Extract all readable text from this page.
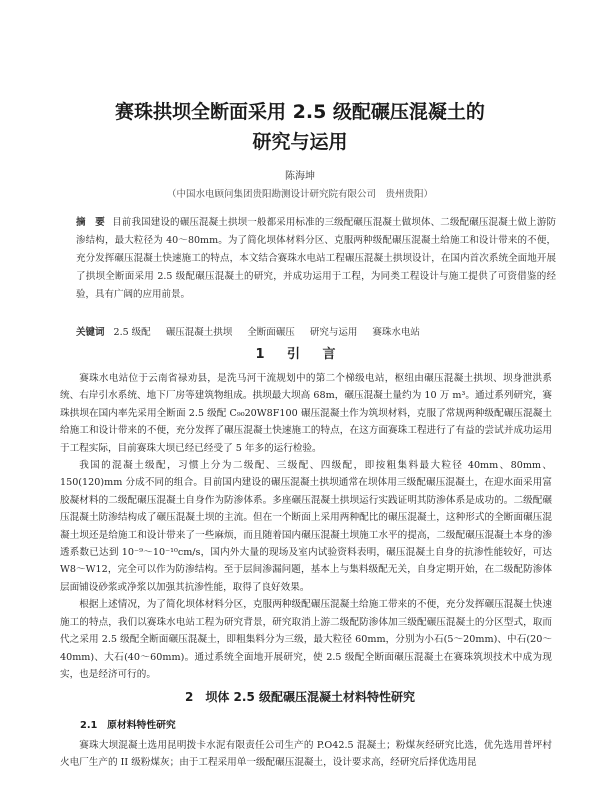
赛珠拱坝全断面采用 2.5 级配碾压混凝土的
研究与运用
陈海坤
（中国水电顾问集团贵阳勘测设计研究院有限公司　贵州贵阳）

摘　要 目前我国建设的碾压混凝土拱坝一般都采用标准的三级配碾压混凝土做坝体、二级配碾压混凝土做上游防渗结构，最大粒径为 40～80mm。为了简化坝体材料分区、克服两种级配碾压混凝土给施工和设计带来的不便，充分发挥碾压混凝土快速施工的特点，本文结合赛珠水电站工程碾压混凝土拱坝设计，在国内首次系统全面地开展了拱坝全断面采用 2.5 级配碾压混凝土的研究，并成功运用于工程，为同类工程设计与施工提供了可资借鉴的经验，具有广阔的应用前景。

关键词 2.5 级配 碾压混凝土拱坝 全断面碾压 研究与运用 赛珠水电站

1 引 言

赛珠水电站位于云南省禄劝县，是洗马河干流规划中的第二个梯级电站，枢纽由碾压混凝土拱坝、坝身泄洪系统、右岸引水系统、地下厂房等建筑物组成。拱坝最大坝高 68m，碾压混凝土量约为 10 万 m³。通过系列研究，赛珠拱坝在国内率先采用全断面 2.5 级配 C₉₀20W8F100 碾压混凝土作为筑坝材料，克服了常规两种级配碾压混凝土给施工和设计带来的不便，充分发挥了碾压混凝土快速施工的特点，在这方面赛珠工程进行了有益的尝试并成功运用于工程实际，目前赛珠大坝已经已经受了 5 年多的运行检验。

我国的混凝土级配，习惯上分为二级配、三级配、四级配，即按粗集料最大粒径 40mm、80mm、150(120)mm 分成不同的组合。目前国内建设的碾压混凝土拱坝通常在坝体用三级配碾压混凝土，在迎水面采用富胶凝材料的二级配碾压混凝土自身作为防渗体系。多座碾压混凝土拱坝运行实践证明其防渗体系是成功的。二级配碾压混凝土防渗结构成了碾压混凝土坝的主流。但在一个断面上采用两种配比的碾压混凝土，这种形式的全断面碾压混凝土坝还是给施工和设计带来了一些麻烦，而且随着国内碾压混凝土坝施工水平的提高，二级配碾压混凝土本身的渗透系数已达到 10⁻⁹～10⁻¹⁰cm/s，国内外大量的现场及室内试验资料表明，碾压混凝土自身的抗渗性能较好，可达 W8～W12，完全可以作为防渗结构。至于层间渗漏问题，基本上与集料级配无关，自身定期开始，在二级配防渗体层面铺设砂浆或净浆以加强其抗渗性能，取得了良好效果。

根据上述情况，为了简化坝体材料分区，克服两种级配碾压混凝土给施工带来的不便，充分发挥碾压混凝土快速施工的特点，我们以赛珠水电站工程为研究背景，研究取消上游二级配防渗体加三级配碾压混凝土的分区型式，取而代之采用 2.5 级配全断面碾压混凝土，即粗集料分为三级，最大粒径 60mm，分别为小石(5～20mm)、中石(20～40mm)、大石(40～60mm)。通过系统全面地开展研究，使 2.5 级配全断面碾压混凝土在赛珠筑坝技术中成为现实，也是经济可行的。

2　坝体 2.5 级配碾压混凝土材料特性研究
2.1　原材料特性研究

赛珠大坝混凝土选用昆明拨卡水泥有限责任公司生产的 P.O42.5 混凝土；粉煤灰经研究比选，优先选用普坪村火电厂生产的 II 级粉煤灰；由于工程采用单一级配碾压混凝土，设计要求高，经研究后择优选用昆
